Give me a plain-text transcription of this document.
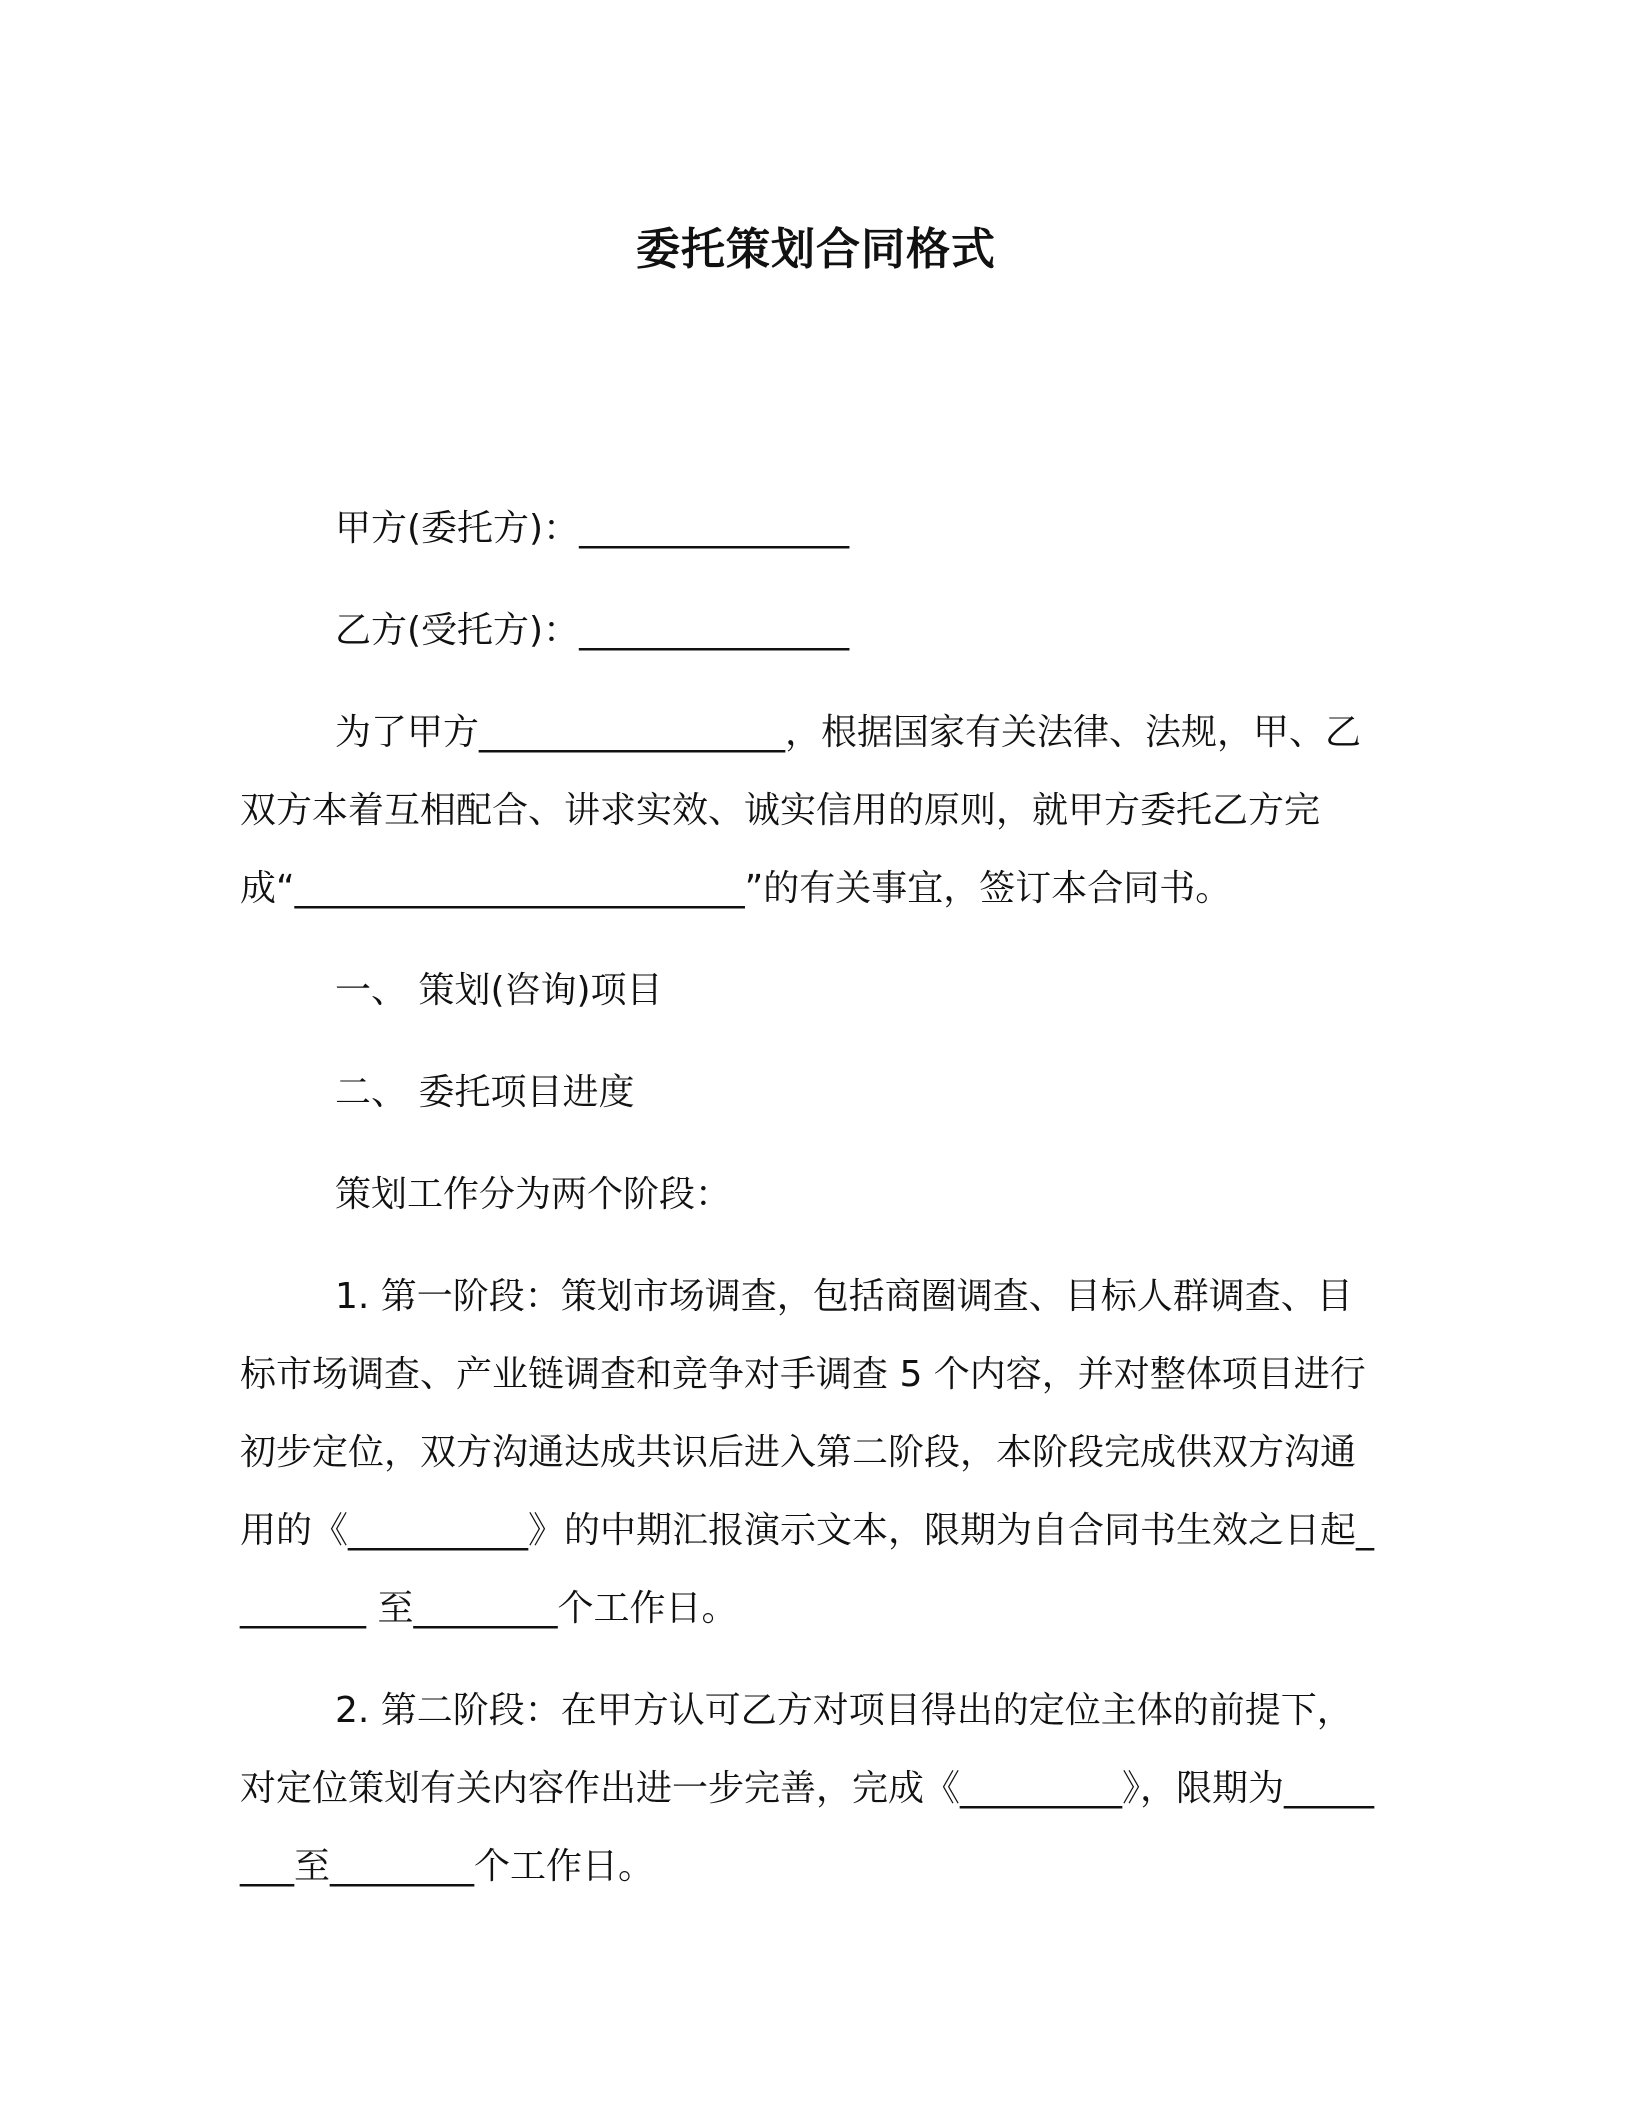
委托策划合同格式

甲方(委托方)：_______________

乙方(受托方)：_______________

为了甲方_________________，根据国家有关法律、法规，甲、乙双方本着互相配合、讲求实效、诚实信用的原则，就甲方委托乙方完成“_________________________”的有关事宜，签订本合同书。

一、 策划(咨询)项目

二、 委托项目进度

策划工作分为两个阶段：

1. 第一阶段：策划市场调查，包括商圈调查、目标人群调查、目标市场调查、产业链调查和竞争对手调查 5 个内容，并对整体项目进行初步定位，双方沟通达成共识后进入第二阶段，本阶段完成供双方沟通用的《__________》的中期汇报演示文本，限期为自合同书生效之日起________ 至________个工作日。

2. 第二阶段：在甲方认可乙方对项目得出的定位主体的前提下，对定位策划有关内容作出进一步完善，完成《_________》，限期为________至________个工作日。
